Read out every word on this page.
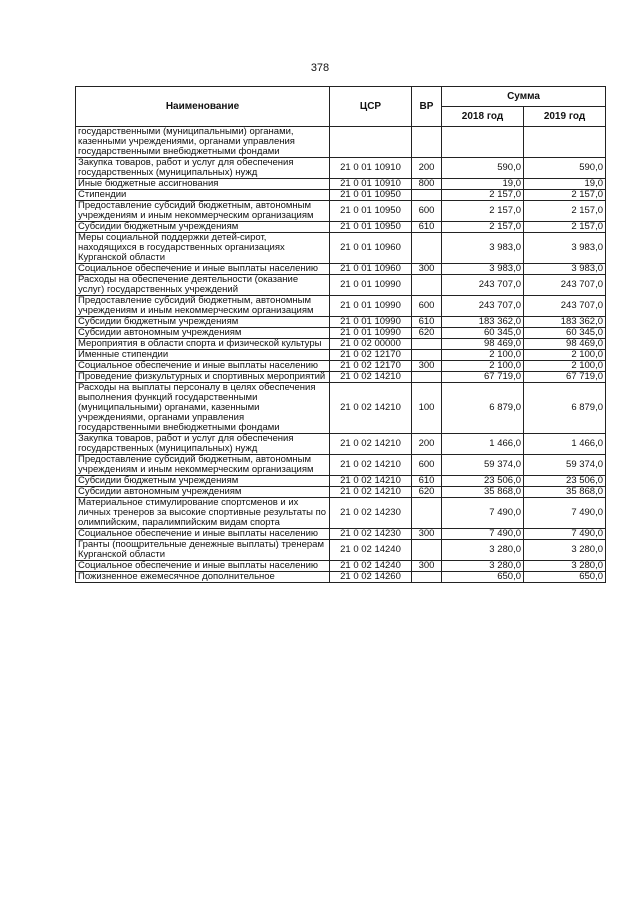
378
Наименование	ЦСР	ВР	Сумма	
			2018 год	2019 год
государственными (муниципальными) органами, казенными учреждениями, органами управления государственными внебюджетными фондами				
Закупка товаров, работ и услуг для обеспечения государственных (муниципальных) нужд	21 0 01 10910	200	590,0	590,0
Иные бюджетные ассигнования	21 0 01 10910	800	19,0	19,0
Стипендии	21 0 01 10950		2 157,0	2 157,0
Предоставление субсидий бюджетным, автономным учреждениям и иным некоммерческим организациям	21 0 01 10950	600	2 157,0	2 157,0
Субсидии бюджетным учреждениям	21 0 01 10950	610	2 157,0	2 157,0
Меры социальной поддержки детей-сирот, находящихся в государственных организациях Курганской области	21 0 01 10960		3 983,0	3 983,0
Социальное обеспечение и иные выплаты населению	21 0 01 10960	300	3 983,0	3 983,0
Расходы на обеспечение деятельности (оказание услуг) государственных учреждений	21 0 01 10990		243 707,0	243 707,0
Предоставление субсидий бюджетным, автономным учреждениям и иным некоммерческим организациям	21 0 01 10990	600	243 707,0	243 707,0
Субсидии бюджетным учреждениям	21 0 01 10990	610	183 362,0	183 362,0
Субсидии автономным учреждениям	21 0 01 10990	620	60 345,0	60 345,0
Мероприятия в области спорта и физической культуры	21 0 02 00000		98 469,0	98 469,0
Именные стипендии	21 0 02 12170		2 100,0	2 100,0
Социальное обеспечение и иные выплаты населению	21 0 02 12170	300	2 100,0	2 100,0
Проведение физкультурных и спортивных мероприятий	21 0 02 14210		67 719,0	67 719,0
Расходы на выплаты персоналу в целях обеспечения выполнения функций государственными (муниципальными) органами, казенными учреждениями, органами управления государственными внебюджетными фондами	21 0 02 14210	100	6 879,0	6 879,0
Закупка товаров, работ и услуг для обеспечения государственных (муниципальных) нужд	21 0 02 14210	200	1 466,0	1 466,0
Предоставление субсидий бюджетным, автономным учреждениям и иным некоммерческим организациям	21 0 02 14210	600	59 374,0	59 374,0
Субсидии бюджетным учреждениям	21 0 02 14210	610	23 506,0	23 506,0
Субсидии автономным учреждениям	21 0 02 14210	620	35 868,0	35 868,0
Материальное стимулирование спортсменов и их личных тренеров за высокие спортивные результаты по олимпийским, паралимпийским видам спорта	21 0 02 14230		7 490,0	7 490,0
Социальное обеспечение и иные выплаты населению	21 0 02 14230	300	7 490,0	7 490,0
Гранты (поощрительные денежные выплаты) тренерам Курганской области	21 0 02 14240		3 280,0	3 280,0
Социальное обеспечение и иные выплаты населению	21 0 02 14240	300	3 280,0	3 280,0
Пожизненное ежемесячное дополнительное	21 0 02 14260		650,0	650,0
